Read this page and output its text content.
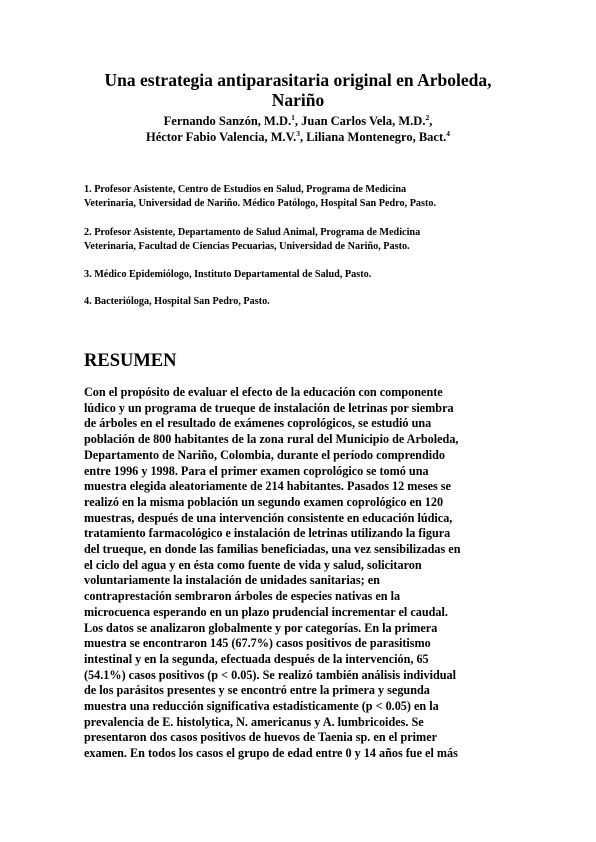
Una estrategia antiparasitaria original en Arboleda,
Nariño
Fernando Sanzón, M.D.$^1$, Juan Carlos Vela, M.D.$^2$,
Héctor Fabio Valencia, M.V.$^3$, Liliana Montenegro, Bact.$^4$
1. Profesor Asistente, Centro de Estudios en Salud, Programa de Medicina
Veterinaria, Universidad de Nariño. Médico Patólogo, Hospital San Pedro, Pasto.
2. Profesor Asistente, Departamento de Salud Animal, Programa de Medicina
Veterinaria, Facultad de Ciencias Pecuarias, Universidad de Nariño, Pasto.
3. Médico Epidemiólogo, Instituto Departamental de Salud, Pasto.
4. Bacterióloga, Hospital San Pedro, Pasto.
RESUMEN
Con el propósito de evaluar el efecto de la educación con componente
lúdico y un programa de trueque de instalación de letrinas por siembra
de árboles en el resultado de exámenes coprológicos, se estudió una
población de 800 habitantes de la zona rural del Municipio de Arboleda,
Departamento de Nariño, Colombia, durante el período comprendido
entre 1996 y 1998. Para el primer examen coprológico se tomó una
muestra elegida aleatoriamente de 214 habitantes. Pasados 12 meses se
realizó en la misma población un segundo examen coprológico en 120
muestras, después de una intervención consistente en educación lúdica,
tratamiento farmacológico e instalación de letrinas utilizando la figura
del trueque, en donde las familias beneficiadas, una vez sensibilizadas en
el ciclo del agua y en ésta como fuente de vida y salud, solicitaron
voluntariamente la instalación de unidades sanitarias; en
contraprestación sembraron árboles de especies nativas en la
microcuenca esperando en un plazo prudencial incrementar el caudal.
Los datos se analizaron globalmente y por categorías. En la primera
muestra se encontraron 145 (67.7%) casos positivos de parasitismo
intestinal y en la segunda, efectuada después de la intervención, 65
(54.1%) casos positivos (p < 0.05). Se realizó también análisis individual
de los parásitos presentes y se encontró entre la primera y segunda
muestra una reducción significativa estadísticamente (p < 0.05) en la
prevalencia de E. histolytica, N. americanus y A. lumbricoides. Se
presentaron dos casos positivos de huevos de Taenia sp. en el primer
examen. En todos los casos el grupo de edad entre 0 y 14 años fue el más
